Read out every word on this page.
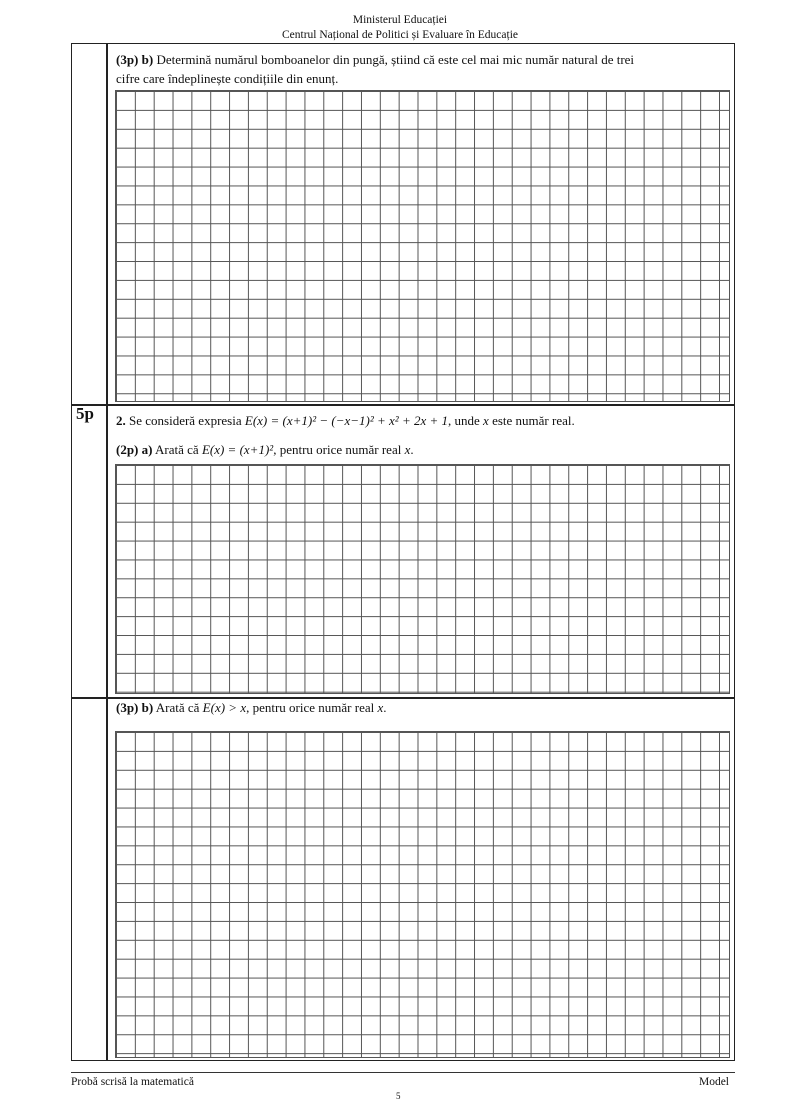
Ministerul Educației
Centrul Național de Politici și Evaluare în Educație
(3p) b) Determină numărul bomboanelor din pungă, știind că este cel mai mic număr natural de trei
cifre care îndeplinește condițiile din enunț.
5p 2. Se consideră expresia E(x) = (x+1)² − (−x−1)² + x² + 2x + 1, unde x este număr real.
(2p) a) Arată că E(x) = (x+1)², pentru orice număr real x.
(3p) b) Arată că E(x) > x, pentru orice număr real x.
Probă scrisă la matematică	Model
5
